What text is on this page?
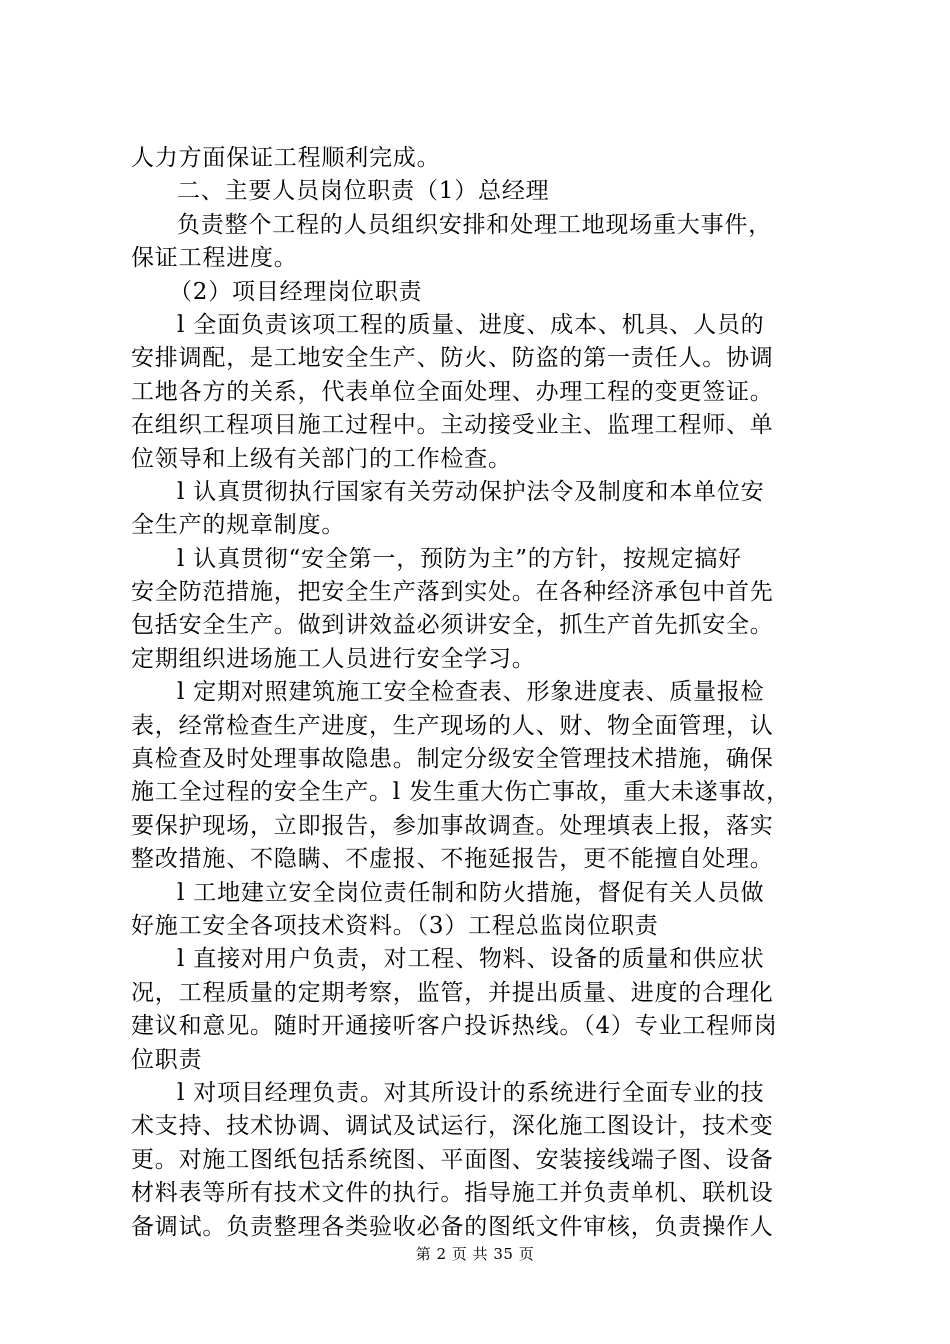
人力方面保证工程顺利完成。
二、主要人员岗位职责（1）总经理
负责整个工程的人员组织安排和处理工地现场重大事件，
保证工程进度。
（2）项目经理岗位职责
l 全面负责该项工程的质量、进度、成本、机具、人员的
安排调配，是工地安全生产、防火、防盗的第一责任人。协调
工地各方的关系，代表单位全面处理、办理工程的变更签证。
在组织工程项目施工过程中。主动接受业主、监理工程师、单
位领导和上级有关部门的工作检查。
l 认真贯彻执行国家有关劳动保护法令及制度和本单位安
全生产的规章制度。
l 认真贯彻“安全第一，预防为主”的方针，按规定搞好
安全防范措施，把安全生产落到实处。在各种经济承包中首先
包括安全生产。做到讲效益必须讲安全，抓生产首先抓安全。
定期组织进场施工人员进行安全学习。
l 定期对照建筑施工安全检查表、形象进度表、质量报检
表，经常检查生产进度，生产现场的人、财、物全面管理，认
真检查及时处理事故隐患。制定分级安全管理技术措施，确保
施工全过程的安全生产。l 发生重大伤亡事故，重大未遂事故，
要保护现场，立即报告，参加事故调查。处理填表上报，落实
整改措施、不隐瞒、不虚报、不拖延报告，更不能擅自处理。
l 工地建立安全岗位责任制和防火措施，督促有关人员做
好施工安全各项技术资料。（3）工程总监岗位职责
l 直接对用户负责，对工程、物料、设备的质量和供应状
况，工程质量的定期考察，监管，并提出质量、进度的合理化
建议和意见。随时开通接听客户投诉热线。（4）专业工程师岗
位职责
l 对项目经理负责。对其所设计的系统进行全面专业的技
术支持、技术协调、调试及试运行，深化施工图设计，技术变
更。对施工图纸包括系统图、平面图、安装接线端子图、设备
材料表等所有技术文件的执行。指导施工并负责单机、联机设
备调试。负责整理各类验收必备的图纸文件审核，负责操作人
第 2 页 共 35 页
